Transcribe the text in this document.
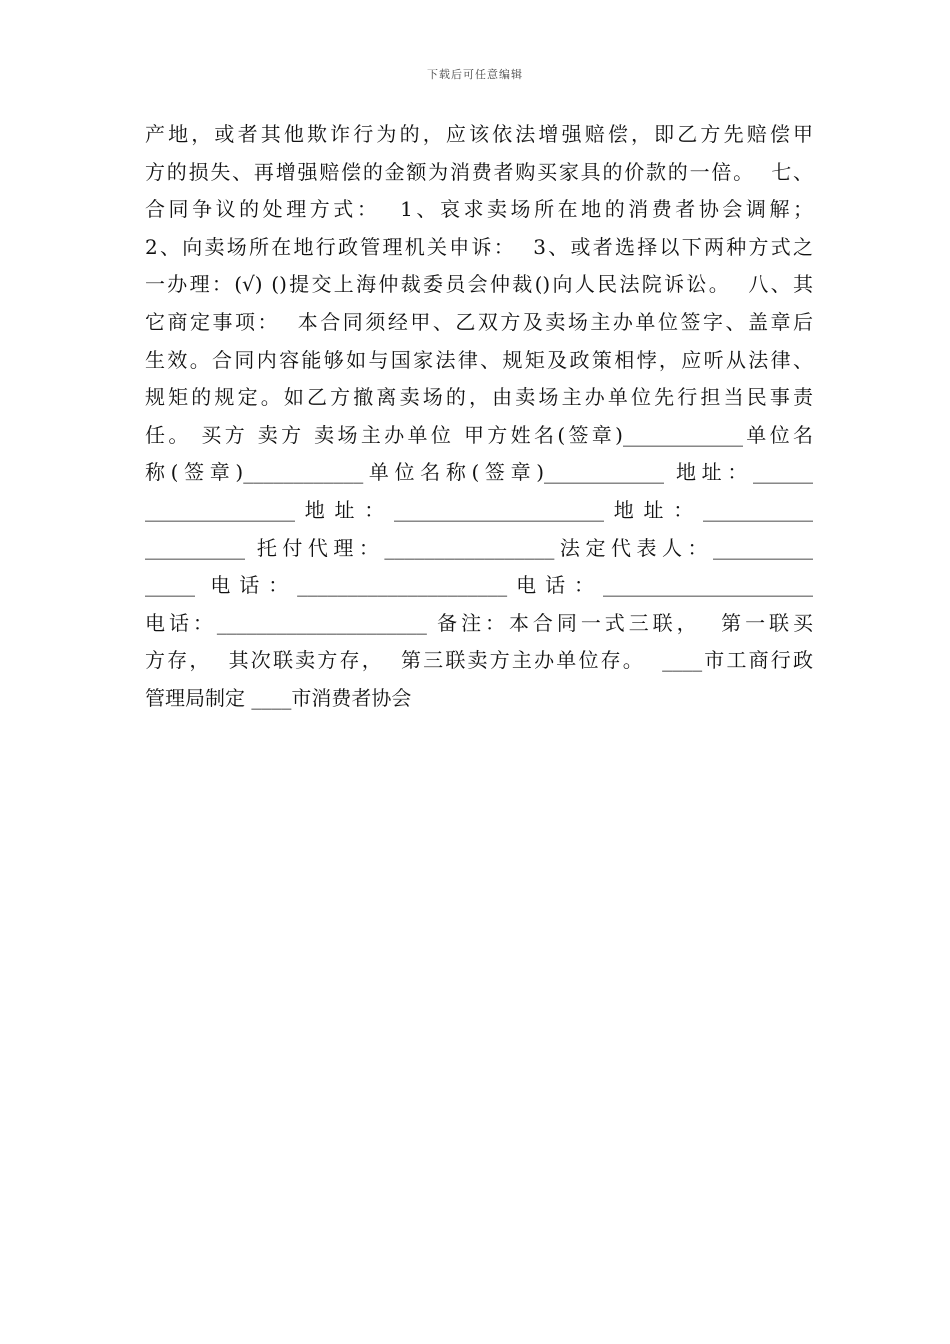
下载后可任意编辑
产地，或者其他欺诈行为的，应该依法增强赔偿，即乙方先赔偿甲
方的损失、再增强赔偿的金额为消费者购买家具的价款的一倍。  七、
合同争议的处理方式：  1、哀求卖场所在地的消费者协会调解；
2、向卖场所在地行政管理机关申诉：  3、或者选择以下两种方式之
一办理：(√) ()提交上海仲裁委员会仲裁()向人民法院诉讼。  八、其
它商定事项：  本合同须经甲、乙双方及卖场主办单位签字、盖章后
生效。合同内容能够如与国家法律、规矩及政策相悖，应听从法律、
规矩的规定。如乙方撤离卖场的，由卖场主办单位先行担当民事责
任。 买方 卖方 卖场主办单位 甲方姓名(签章)____________单位名
称(签章)____________单位名称(签章)____________ 地址：______
_______________地址：_____________________地址：___________
__________ 托付代理：_________________法定代表人：__________
_____ 电话：_____________________电话：_____________________
电话：_____________________ 备注：本合同一式三联，  第一联买
方存，  其次联卖方存，  第三联卖方主办单位存。  ____市工商行政
管理局制定 ____市消费者协会
